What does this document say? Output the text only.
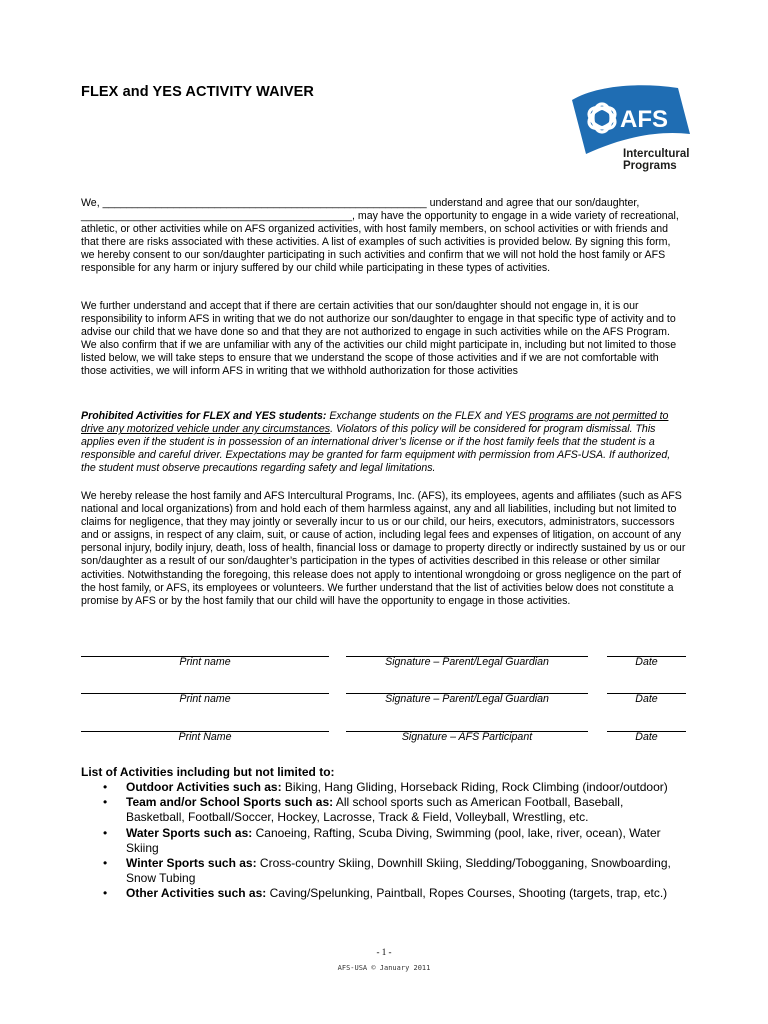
FLEX and YES ACTIVITY WAIVER
AFS
Intercultural
Programs
We, _______________________________________________________ understand and agree that our son/daughter, ______________________________________________, may have the opportunity to engage in a wide variety of recreational, athletic, or other activities while on AFS organized activities, with host family members, on school activities or with friends and that there are risks associated with these activities. A list of examples of such activities is provided below. By signing this form, we hereby consent to our son/daughter participating in such activities and confirm that we will not hold the host family or AFS responsible for any harm or injury suffered by our child while participating in these types of activities.
We further understand and accept that if there are certain activities that our son/daughter should not engage in, it is our responsibility to inform AFS in writing that we do not authorize our son/daughter to engage in that specific type of activity and to advise our child that we have done so and that they are not authorized to engage in such activities while on the AFS Program. We also confirm that if we are unfamiliar with any of the activities our child might participate in, including but not limited to those listed below, we will take steps to ensure that we understand the scope of those activities and if we are not comfortable with those activities, we will inform AFS in writing that we withhold authorization for those activities
Prohibited Activities for FLEX and YES students: Exchange students on the FLEX and YES programs are not permitted to drive any motorized vehicle under any circumstances. Violators of this policy will be considered for program dismissal. This applies even if the student is in possession of an international driver’s license or if the host family feels that the student is a responsible and careful driver. Expectations may be granted for farm equipment with permission from AFS-USA. If authorized, the student must observe precautions regarding safety and legal limitations.
We hereby release the host family and AFS Intercultural Programs, Inc. (AFS), its employees, agents and affiliates (such as AFS national and local organizations) from and hold each of them harmless against, any and all liabilities, including but not limited to claims for negligence, that they may jointly or severally incur to us or our child, our heirs, executors, administrators, successors and or assigns, in respect of any claim, suit, or cause of action, including legal fees and expenses of litigation, on account of any personal injury, bodily injury, death, loss of health, financial loss or damage to property directly or indirectly sustained by us or our son/daughter as a result of our son/daughter’s participation in the types of activities described in this release or other similar activities. Notwithstanding the foregoing, this release does not apply to intentional wrongdoing or gross negligence on the part of the host family, or AFS, its employees or volunteers. We further understand that the list of activities below does not constitute a promise by AFS or by the host family that our child will have the opportunity to engage in those activities.
Print name	Signature – Parent/Legal Guardian	Date
Print name	Signature – Parent/Legal Guardian	Date
Print Name	Signature – AFS Participant	Date
List of Activities including but not limited to:
• Outdoor Activities such as: Biking, Hang Gliding, Horseback Riding, Rock Climbing (indoor/outdoor)
• Team and/or School Sports such as: All school sports such as American Football, Baseball, Basketball, Football/Soccer, Hockey, Lacrosse, Track & Field, Volleyball, Wrestling, etc.
• Water Sports such as: Canoeing, Rafting, Scuba Diving, Swimming (pool, lake, river, ocean), Water Skiing
• Winter Sports such as: Cross-country Skiing, Downhill Skiing, Sledding/Tobogganing, Snowboarding, Snow Tubing
• Other Activities such as: Caving/Spelunking, Paintball, Ropes Courses, Shooting (targets, trap, etc.)
- 1 -
AFS-USA © January 2011
